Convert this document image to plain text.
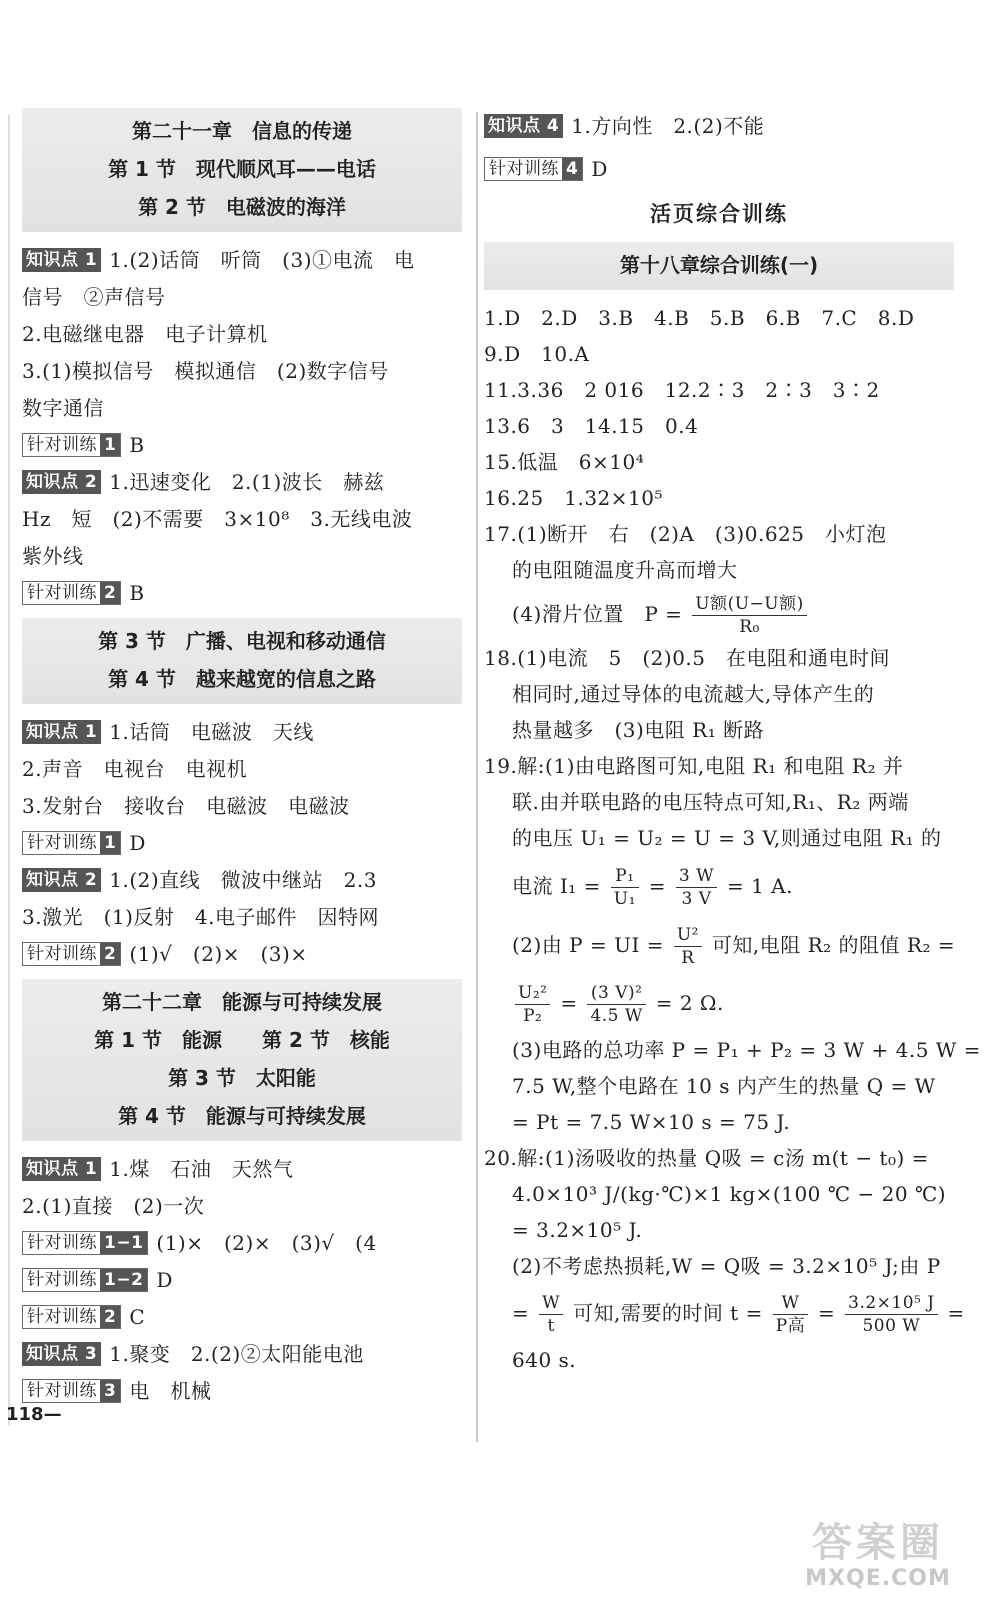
第二十一章　信息的传递
第 1 节　现代顺风耳——电话
第 2 节　电磁波的海洋
知识点 1 1.(2)话筒　听筒　(3)①电流　电
信号　②声信号
2.电磁继电器　电子计算机
3.(1)模拟信号　模拟通信　(2)数字信号
数字通信
针对训练 1 B
知识点 2 1.迅速变化　2.(1)波长　赫兹
Hz　短　(2)不需要　3×10⁸　3.无线电波
紫外线
针对训练 2 B
第 3 节　广播、电视和移动通信
第 4 节　越来越宽的信息之路
知识点 1 1.话筒　电磁波　天线
2.声音　电视台　电视机
3.发射台　接收台　电磁波　电磁波
针对训练 1 D
知识点 2 1.(2)直线　微波中继站　2.3
3.激光　(1)反射　4.电子邮件　因特网
针对训练 2 (1)√　(2)×　(3)×
第二十二章　能源与可持续发展
第 1 节　能源　　第 2 节　核能
第 3 节　太阳能
第 4 节　能源与可持续发展
知识点 1 1.煤　石油　天然气
2.(1)直接　(2)一次
针对训练 1−1 (1)×　(2)×　(3)√　(4
针对训练 1−2 D
针对训练 2 C
知识点 3 1.聚变　2.(2)②太阳能电池
针对训练 3 电　机械
知识点 4 1.方向性　2.(2)不能
针对训练 4 D
活页综合训练
第十八章综合训练(一)
1.D　2.D　3.B　4.B　5.B　6.B　7.C　8.D
9.D　10.A
11.3.36　2 016　12.2∶3　2∶3　3∶2
13.6　3　14.15　0.4
15.低温　6×10⁴
16.25　1.32×10⁵
17.(1)断开　右　(2)A　(3)0.625　小灯泡
的电阻随温度升高而增大
(4)滑片位置　$P = \frac{\text{U额(U−U额)}}{\text{R₀}}$
18.(1)电流　5　(2)0.5　在电阻和通电时间
相同时,通过导体的电流越大,导体产生的
热量越多　(3)电阻 R₁ 断路
19.解:(1)由电路图可知,电阻 R₁ 和电阻 R₂ 并
联.由并联电路的电压特点可知,R₁、R₂ 两端
的电压 U₁ = U₂ = U = 3 V,则通过电阻 R₁ 的
电流 $I_1 = \frac{\text{P₁}}{\text{U₁}} = \frac{3 W}{3 V} = 1$ A.
(2)由 P = UI = $\frac{\text{U²}}{R}$ 可知,电阻 R₂ 的阻值 R₂ =
$\frac{\text{U₂²}}{\text{P₂}} = \frac{\text{(3 V)²}}{4.5 W} = 2$ Ω.
(3)电路的总功率 P = P₁ + P₂ = 3 W + 4.5 W =
7.5 W,整个电路在 10 s 内产生的热量 Q = W
= Pt = 7.5 W×10 s = 75 J.
20.解:(1)汤吸收的热量 Q吸 = c汤 m(t − t₀) =
4.0×10³ J/(kg·℃)×1 kg×(100 ℃ − 20 ℃)
= 3.2×10⁵ J.
(2)不考虑热损耗,W = Q吸 = 3.2×10⁵ J;由 P
= $\frac{W}{t}$ 可知,需要的时间 $t = \frac{W}{\text{P高}} = \frac{\text{3.2×10⁵ J}}{500 W}$ =
640 s.
118—
答案圈
MXQE.COM
